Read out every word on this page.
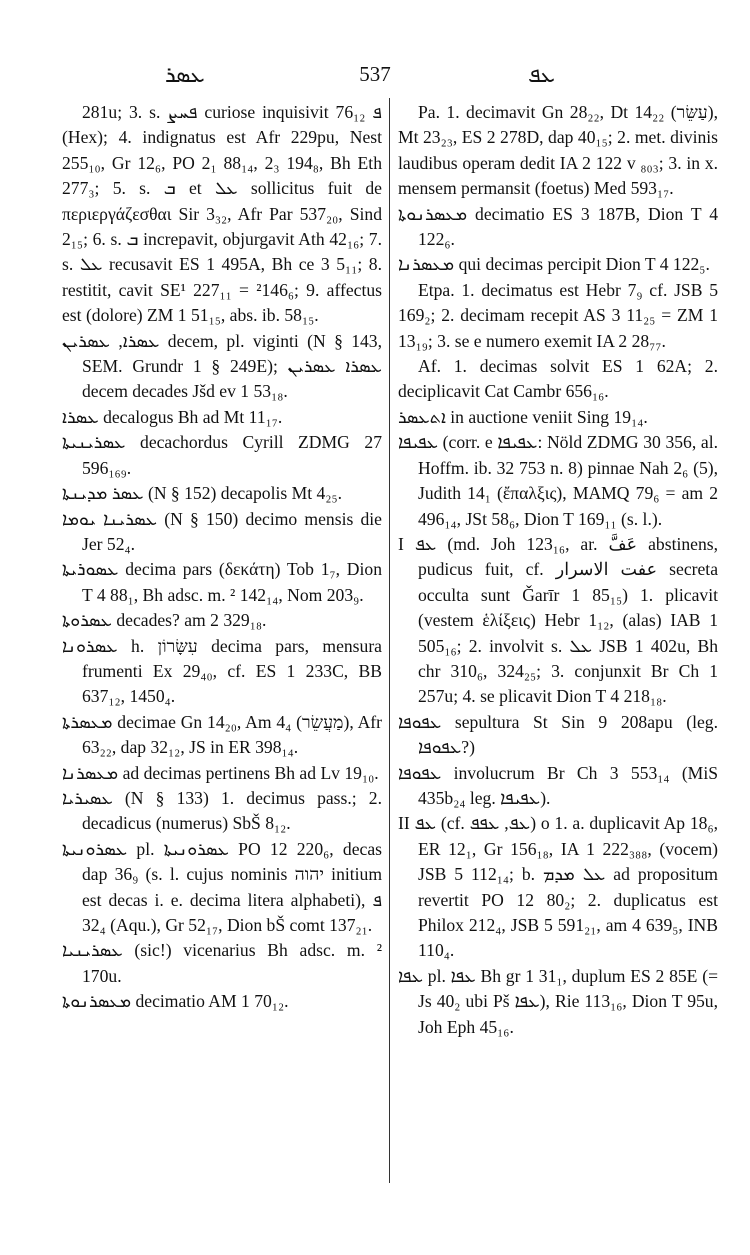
ܥܣܪ	537	ܥܦ

281u; 3. s. ܦܚܨ curiose inquisivit ܦ 76₁₂ (Hex); 4. indignatus est Afr 229pu, Nest 255₁₀, Gr 12₆, PO 2₁ 88₁₄, 2₃ 194₈, Bh Eth 277₃; 5. s. ܒ et ܥܠ sollicitus fuit de περιεργάζεσθαι Sir 3₃₂, Afr Par 537₂₀, Sind 2₁₅; 6. s. ܒ increpavit, objurgavit Ath 42₁₆; 7. s. ܥܠ recusavit ES 1 495A, Bh ce 3 5₁₁; 8. restitit, cavit SE¹ 227₁₁ = ²146₆; 9. affectus est (dolore) ZM 1 51₁₅, abs. ib. 58₁₅.

ܥܣܪܐ, ܥܣܪܝܢ decem, pl. viginti (N § 143, SEM. Grundr 1 § 249E); ܥܣܪܐ ܥܣܪܝܢ decem decades Jšd ev 1 53₁₈.

ܥܣܪܐ decalogus Bh ad Mt 11₁₇.

ܥܣܪܝܢܝܬܐ decachordus Cyrill ZDMG 27 596₁₆₉.

ܥܣܪ ܡܕܝܢܬܐ (N § 152) decapolis Mt 4₂₅.

ܥܣܪܝܢܐ ܝܘܡܐ (N § 150) decimo mensis die Jer 52₄.

ܥܣܘܪܝܬܐ decima pars (δεκάτη) Tob 1₇, Dion T 4 88₁, Bh adsc. m. ² 142₁₄, Nom 203₉.

ܥܣܪܘܬܐ decades? am 2 329₁₈.

ܥܣܪܘܢܐ h. עִשָּׂרוֹן decima pars, mensura frumenti Ex 29₄₀, cf. ES 1 233C, BB 637₁₂, 1450₄.

ܡܥܣܪܬܐ decimae Gn 14₂₀, Am 4₄ (מַעֲשֵׂר), Afr 63₂₂, dap 32₁₂, JS in ER 398₁₄.

ܡܥܣܪܢܐ ad decimas pertinens Bh ad Lv 19₁₀.

ܥܣܝܪܝܐ (N § 133) 1. decimus pass.; 2. decadicus (numerus) SbŠ 8₁₂.

ܥܣܪܘܢܝܬܐ pl. ܥܣܪܘܢܝܬܐ PO 12 220₆, decas dap 36₉ (s. l. cujus nominis יהוה initium est decas i. e. decima litera alphabeti), ܦ 32₄ (Aqu.), Gr 52₁₇, Dion bŠ comt 137₂₁.

ܥܣܪܝܢܝܐ (sic!) vicenarius Bh adsc. m. ² 170u.

ܡܥܣܪܢܘܬܐ decimatio AM 1 70₁₂.

Pa. 1. decimavit Gn 28₂₂, Dt 14₂₂ (עַשֵּׂר), Mt 23₂₃, ES 2 278D, dap 40₁₅; 2. met. divinis laudibus operam dedit IA 2 122 v ₈₀₃; 3. in x. mensem permansit (foetus) Med 593₁₇.

ܡܥܣܪܢܘܬܐ decimatio ES 3 187B, Dion T 4 122₆.

ܡܥܣܪܢܐ qui decimas percipit Dion T 4 122₅.

Etpa. 1. decimatus est Hebr 7₉ cf. JSB 5 169₂; 2. decimam recepit AS 3 11₂₅ = ZM 1 13₁₉; 3. se e numero exemit IA 2 28₇₇.

Af. 1. decimas solvit ES 1 62A; 2. deciplicavit Cat Cambr 656₁₆.

ܐܬܥܣܪ in auctione veniit Sing 19₁₄.

ܥܦܝܦܐ (corr. e ܥܦܝܦܐ: Nöld ZDMG 30 356, al. Hoffm. ib. 32 753 n. 8) pinnae Nah 2₆ (5), Judith 14₁ (ἔπαλξις), MAMQ 79₆ = am 2 496₁₄, JSt 58₆, Dion T 169₁₁ (s. l.).

I ܥܦ (md. Joh 123₁₆, ar. عَفَّ abstinens, pudicus fuit, cf. عفت الاسرار secreta occulta sunt Ǧarīr 1 85₁₅) 1. plicavit (vestem ἑλίξεις) Hebr 1₁₂, (alas) IAB 1 505₁₆; 2. involvit s. ܥܠ JSB 1 402u, Bh chr 310₆, 324₂₅; 3. conjunxit Br Ch 1 257u; 4. se plicavit Dion T 4 218₁₈.

ܥܦܘܦܐ sepultura St Sin 9 208apu (leg. ܥܦܘܦܐ?)

ܥܦܘܦܐ involucrum Br Ch 3 553₁₄ (MiS 435b₂₄ leg. ܥܦܝܦܐ).

II ܥܦ (cf. ܥܦ, ܥܦܦ) o 1. a. duplicavit Ap 18₆, ER 12₁, Gr 156₁₈, IA 1 222₃₈₈, (vocem) JSB 5 112₁₄; b. ܥܠ ܡܕܡ ad propositum revertit PO 12 80₂; 2. duplicatus est Philox 212₄, JSB 5 591₂₁, am 4 639₅, INB 110₄.

ܥܦܐ pl. ܥܦܐ Bh gr 1 31₁, duplum ES 2 85E (= Js 40₂ ubi Pš ܥܦܐ), Rie 113₁₆, Dion T 95u, Joh Eph 45₁₆.
